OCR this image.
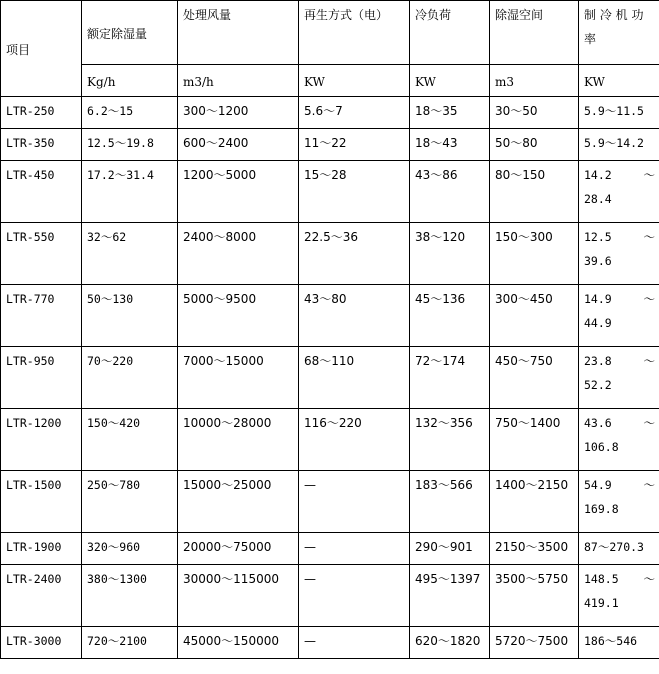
项目	额定除湿量	处理风量	再生方式（电）	冷负荷	除湿空间	制 冷 机 功
率

	Kg/h	m3/h	KW	KW	m3	KW
LTR-250	6.2～15	300～1200	5.6～7	18～35	30～50	5.9～11.5
LTR-350	12.5～19.8	600～2400	11～22	18～43	50～80	5.9～14.2
LTR-450	17.2～31.4	1200～5000	15～28	43～86	80～150	14.2 ～
28.4

LTR-550	32～62	2400～8000	22.5～36	38～120	150～300	12.5 ～
39.6

LTR-770	50～130	5000～9500	43～80	45～136	300～450	14.9 ～
44.9

LTR-950	70～220	7000～15000	68～110	72～174	450～750	23.8 ～
52.2

LTR-1200	150～420	10000～28000	116～220	132～356	750～1400	43.6 ～
106.8

LTR-1500	250～780	15000～25000	—	183～566	1400～2150	54.9 ～
169.8

LTR-1900	320～960	20000～75000	—	290～901	2150～3500	87～270.3
LTR-2400	380～1300	30000～115000	—	495～1397	3500～5750	148.5 ～
419.1

LTR-3000	720～2100	45000～150000	—	620～1820	5720～7500	186～546
